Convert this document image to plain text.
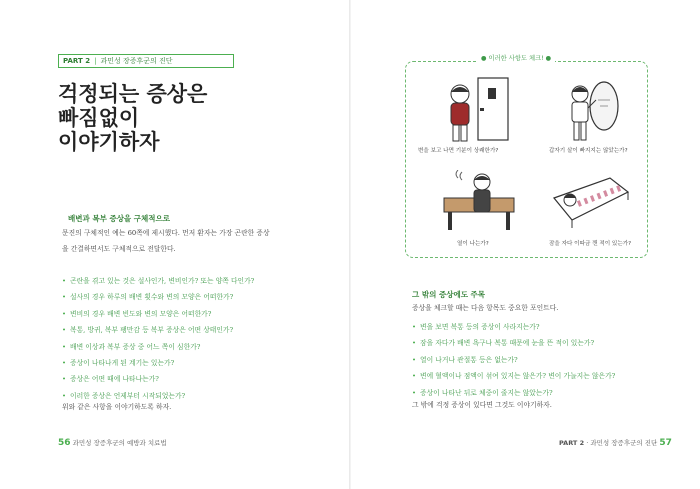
PART 2 | 과민성 장증후군의 진단
걱정되는 증상은
빠짐없이
이야기하자
배변과 복부 증상을 구체적으로
문진의 구체적인 예는 60쪽에 제시했다. 먼저 환자는 가장 곤란한 증상
을 간결하면서도 구체적으로 전달한다.
• 곤란을 겪고 있는 것은 설사인가, 변비인가? 또는 양쪽 다인가?
• 설사의 경우 하루의 배변 횟수와 변의 모양은 어떠한가?
• 변비의 경우 배변 빈도와 변의 모양은 어떠한가?
• 복통, 방귀, 복부 팽만감 등 복부 증상은 어떤 상태인가?
• 배변 이상과 복부 증상 중 어느 쪽이 심한가?
• 증상이 나타나게 된 계기는 있는가?
• 증상은 어떤 때에 나타나는가?
• 이러한 증상은 언제부터 시작되었는가?
위와 같은 사항을 이야기하도록 하자.
56 과민성 장증후군의 예방과 치료법
● 이러한 사항도 체크! ●
변을 보고 나면 기분이 상쾌한가?	갑자기 살이 빠지지는 않았는가?
열이 나는가?	잠을 자다 이따금 깬 적이 있는가?
그 밖의 증상에도 주목
증상을 체크할 때는 다음 항목도 중요한 포인트다.
• 변을 보면 복통 등의 증상이 사라지는가?
• 잠을 자다가 배변 욕구나 복통 때문에 눈을 뜬 적이 있는가?
• 열이 나거나 관절통 등은 없는가?
• 변에 혈액이나 점액이 섞여 있지는 않은가? 변이 가늘지는 않은가?
• 증상이 나타난 뒤로 체중이 줄지는 않았는가?
그 밖에 걱정 증상이 있다면 그것도 이야기하자.
PART 2 · 과민성 장증후군의 진단 57
